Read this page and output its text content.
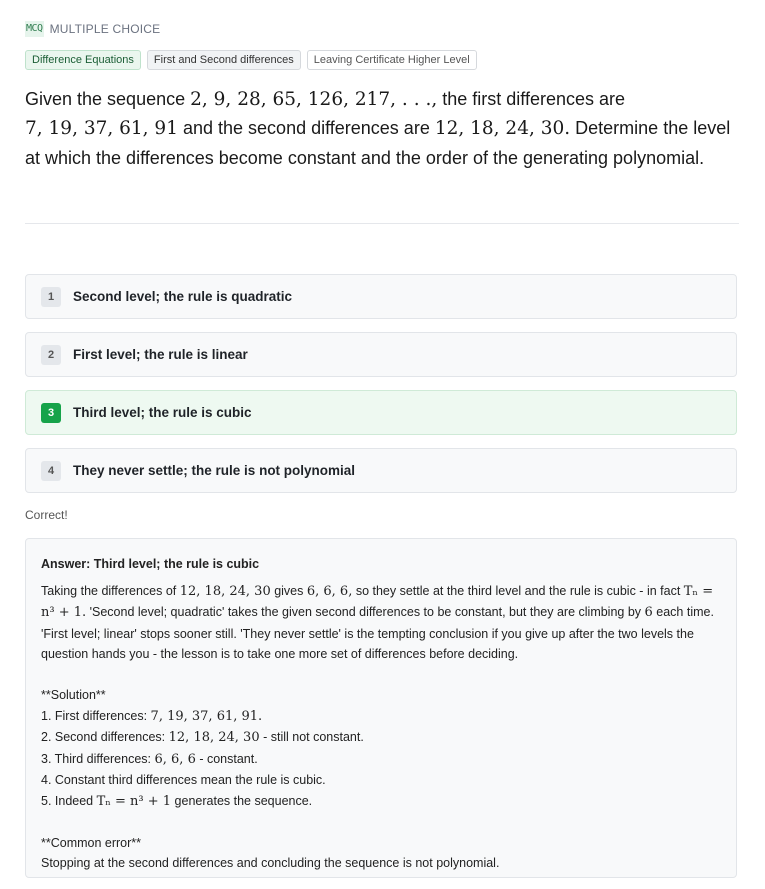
MCQ MULTIPLE CHOICE
Difference Equations	First and Second differences	Leaving Certificate Higher Level
Given the sequence 2, 9, 28, 65, 126, 217, . . ., the first differences are
7, 19, 37, 61, 91 and the second differences are 12, 18, 24, 30. Determine the level at which the differences become constant and the order of the generating polynomial.
1	Second level; the rule is quadratic
2	First level; the rule is linear
3	Third level; the rule is cubic
4	They never settle; the rule is not polynomial
Correct!
Answer: Third level; the rule is cubic
Taking the differences of 12, 18, 24, 30 gives 6, 6, 6, so they settle at the third level and the rule is cubic - in fact Tₙ =
n³ + 1. 'Second level; quadratic' takes the given second differences to be constant, but they are climbing by 6 each time.
'First level; linear' stops sooner still. 'They never settle' is the tempting conclusion if you give up after the two levels the
question hands you - the lesson is to take one more set of differences before deciding.
**Solution**
1. First differences: 7, 19, 37, 61, 91.
2. Second differences: 12, 18, 24, 30 - still not constant.
3. Third differences: 6, 6, 6 - constant.
4. Constant third differences mean the rule is cubic.
5. Indeed Tₙ = n³ + 1 generates the sequence.
**Common error**
Stopping at the second differences and concluding the sequence is not polynomial.
